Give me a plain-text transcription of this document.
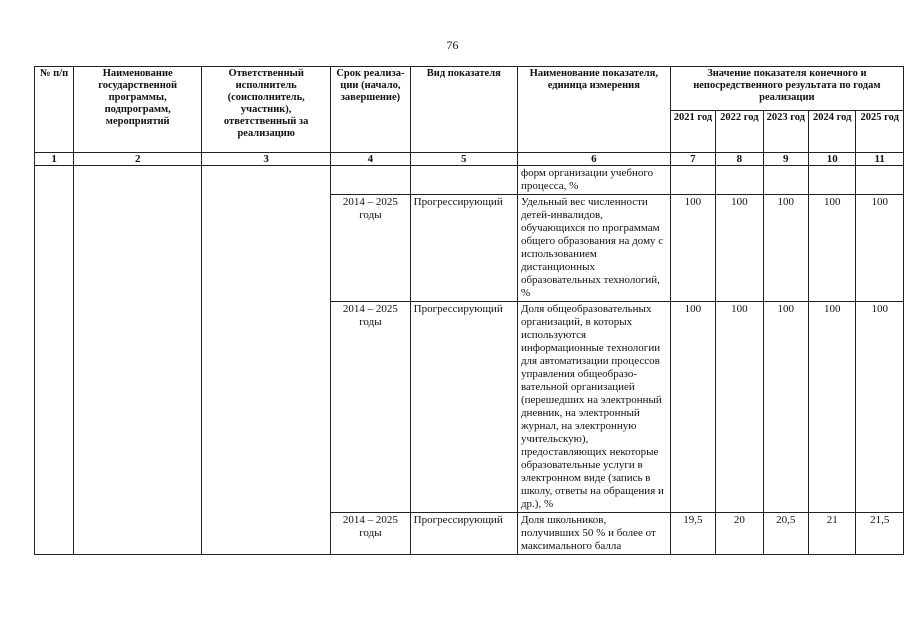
76
№ п/п	Наименование государственной программы, подпрограмм, мероприятий	Ответственный исполнитель (соисполнитель, участник), ответственный за реализацию	Срок реализа-ции (начало, завершение)	Вид показателя	Наименование показателя, единица измерения	Значение показателя конечного и непосредственного результата по годам реализации				
						2021 год	2022 год	2023 год	2024 год	2025 год
1	2	3	4	5	6	7	8	9	10	11
					форм организации учебного процесса, %					
			2014 – 2025 годы	Прогрессирующий	Удельный вес численности детей-инвалидов, обучающихся по программам общего образования на дому с использованием дистанционных образовательных технологий, %	100	100	100	100	100
			2014 – 2025 годы	Прогрессирующий	Доля общеобразовательных организаций, в которых используются информационные технологии для автоматизации процессов управления общеобразо-вательной организацией (перешедших на электронный дневник, на электронный журнал, на электронную учительскую), предоставляющих некоторые образовательные услуги в электронном виде (запись в школу, ответы на обращения и др.), %	100	100	100	100	100
			2014 – 2025 годы	Прогрессирующий	Доля школьников, получивших 50 % и более от максимального балла	19,5	20	20,5	21	21,5
